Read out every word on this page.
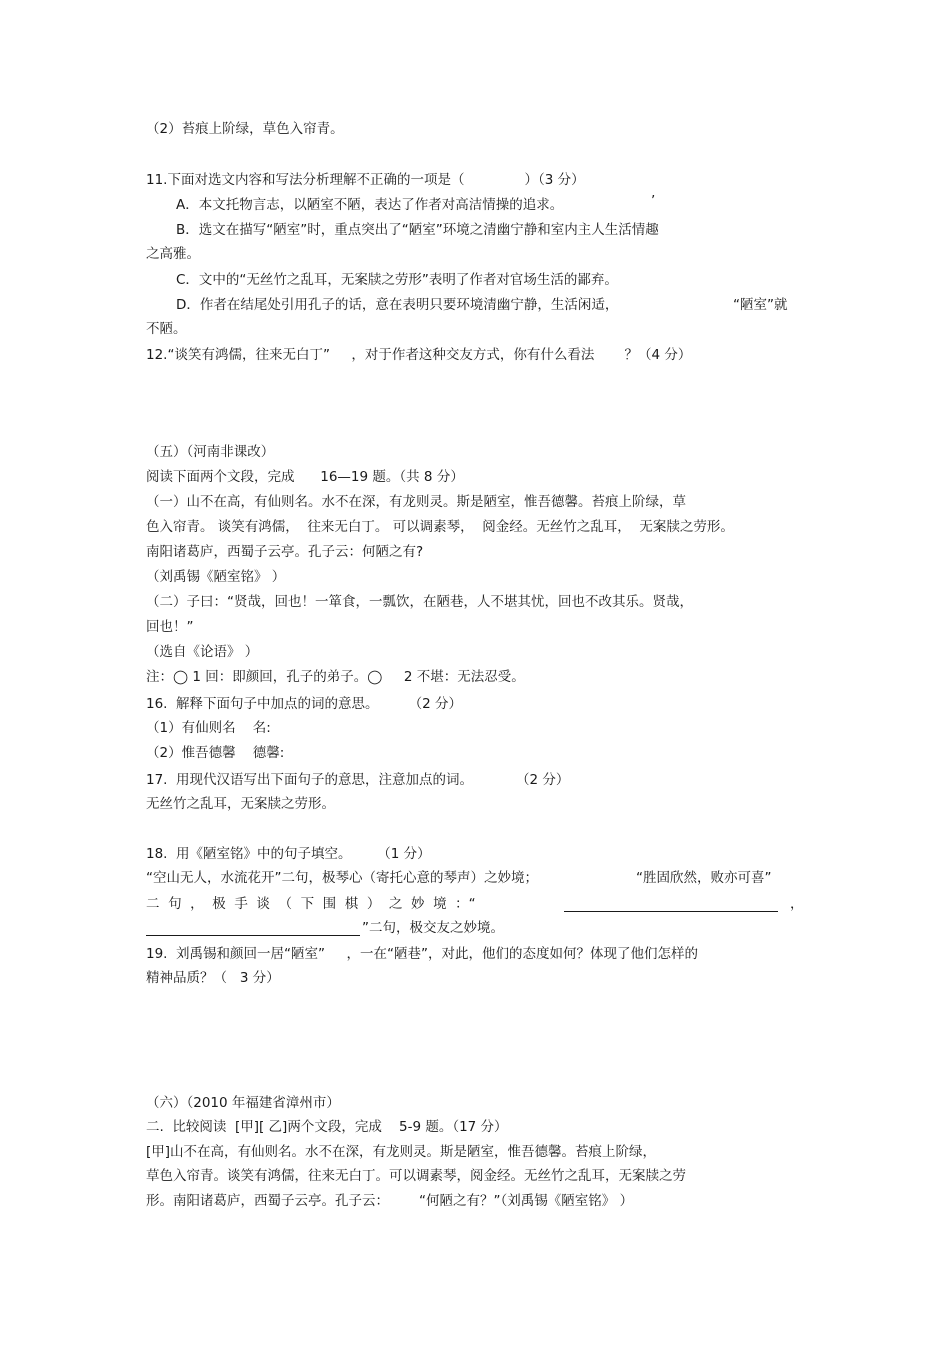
（2）苔痕上阶绿，草色入帘青。
11.下面对选文内容和写法分析理解不正确的一项是（              ）（3 分）
A．本文托物言志，以陋室不陋，表达了作者对高洁情操的追求。	’
B．选文在描写“陋室”时，重点突出了“陋室”环境之清幽宁静和室内主人生活情趣
之高雅。
C．文中的“无丝竹之乱耳，无案牍之劳形”表明了作者对官场生活的鄙弃。
D．作者在结尾处引用孔子的话，意在表明只要环境清幽宁静，生活闲适，	“陋室”就
不陋。
12.“谈笑有鸿儒，往来无白丁”     ，对于作者这种交友方式，你有什么看法       ？（4 分）
（五）（河南非课改）
阅读下面两个文段，完成      16—19 题。（共 8 分）
（一）山不在高，有仙则名。水不在深，有龙则灵。斯是陋室，惟吾德馨。苔痕上阶绿，草
色入帘青。 谈笑有鸿儒，  往来无白丁。 可以调素琴，  阅金经。无丝竹之乱耳，  无案牍之劳形。
南阳诸葛庐，西蜀子云亭。孔子云：何陋之有?
（刘禹锡《陋室铭》 ）
（二）子曰：“贤哉，回也！一箪食，一瓢饮，在陋巷，人不堪其忧，回也不改其乐。贤哉，
回也！”
（选自《论语》 ）
注：◯ 1 回：即颜回，孔子的弟子。◯     2 不堪：无法忍受。
16.  解释下面句子中加点的词的意思。       （2 分）
（1）有仙则名    名:
（2）惟吾德馨    德馨:
17.  用现代汉语写出下面句子的意思，注意加点的词。          （2 分）
无丝竹之乱耳，无案牍之劳形。
18.  用《陋室铭》中的句子填空。      （1 分）
“空山无人，水流花开”二句，极琴心（寄托心意的琴声）之妙境；	“胜固欣然，败亦可喜”
二  句  ，  极  手  谈  （  下  围  棋  ）  之  妙  境  ：“	，
”二句，极交友之妙境。
19.  刘禹锡和颜回一居“陋室”     ，一在“陋巷”，对此，他们的态度如何？体现了他们怎样的
精神品质？（   3 分）
（六）（2010 年福建省漳州市）
二.  比较阅读  [甲][ 乙]两个文段，完成    5-9 题。（17 分）
[甲]山不在高，有仙则名。水不在深，有龙则灵。斯是陋室，惟吾德馨。苔痕上阶绿，
草色入帘青。谈笑有鸿儒，往来无白丁。可以调素琴，阅金经。无丝竹之乱耳，无案牍之劳
形。南阳诸葛庐，西蜀子云亭。孔子云：       “何陋之有？”（刘禹锡《陋室铭》 ）
